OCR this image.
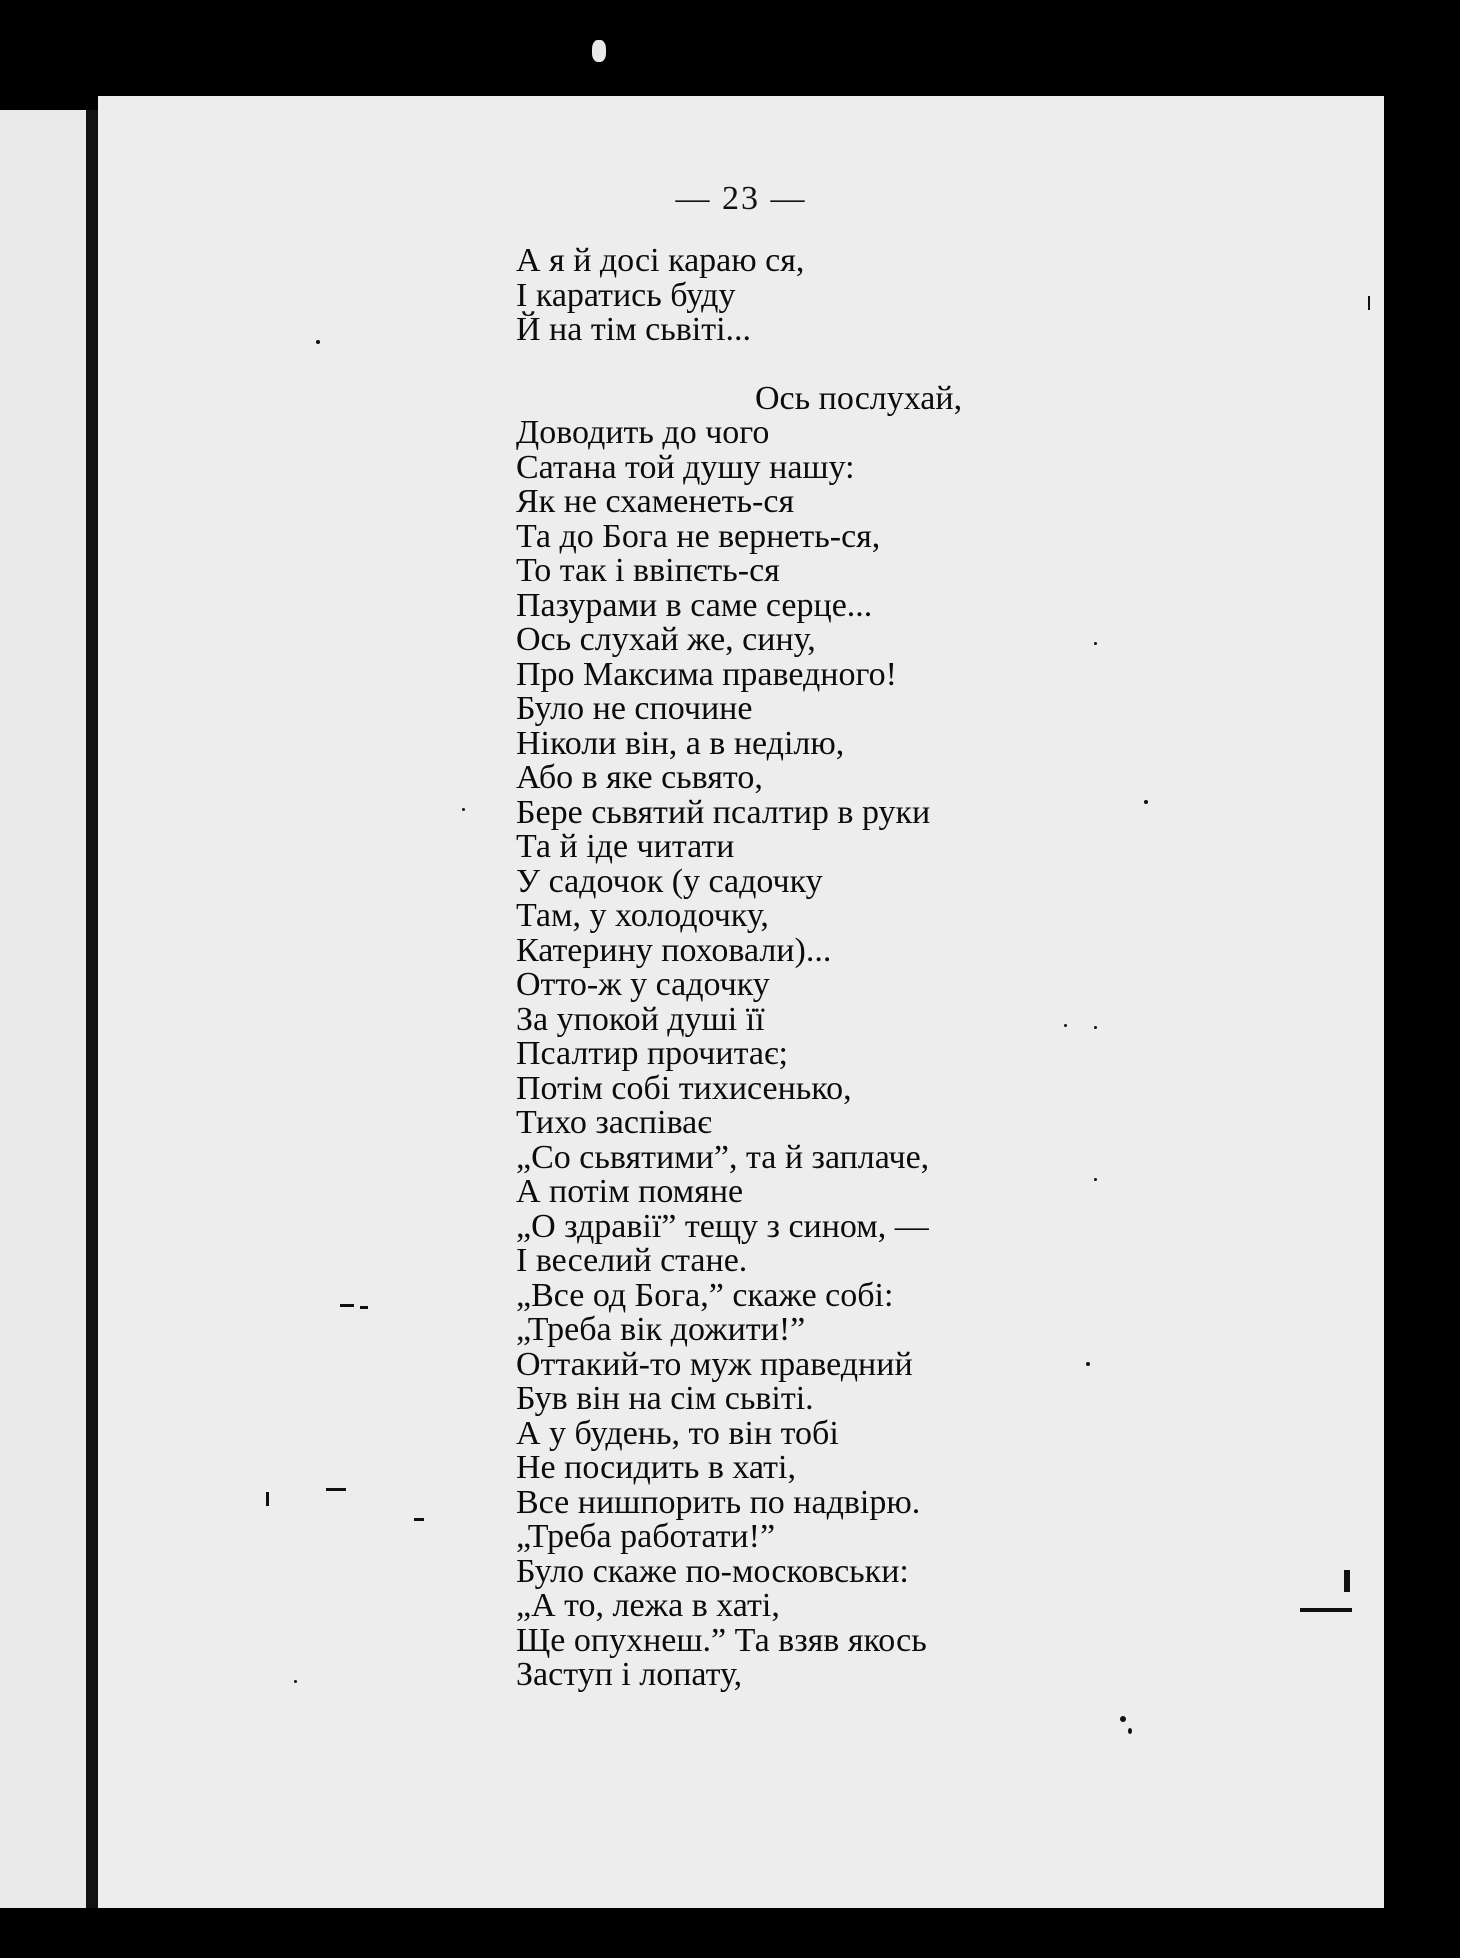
— 23 —
А я й досі караю ся,
І каратись буду
Й на тім сьвіті...
Ось послухай,
Доводить до чого
Сатана той душу нашу:
Як не схаменеть-ся
Та до Бога не вернеть-ся,
То так і ввіпєть-ся
Пазурами в саме серце...
Ось слухай же, сину,
Про Максима праведного!
Було не спочине
Ніколи він, а в неділю,
Або в яке сьвято,
Бере сьвятий псалтир в руки
Та й іде читати
У садочок (у садочку
Там, у холодочку,
Катерину поховали)...
Отто-ж у садочку
За упокой душі її
Псалтир прочитає;
Потім собі тихисенько,
Тихо заспіває
„Со сьвятими”, та й заплаче,
А потім помяне
„О здравії” тещу з сином, —
І веселий стане.
„Все од Бога,” скаже собі:
„Треба вік дожити!”
Оттакий-то муж праведний
Був він на сім сьвіті.
А у будень, то він тобі
Не посидить в хаті,
Все нишпорить по надвірю.
„Треба работати!”
Було скаже по-московськи:
„А то, лежа в хаті,
Ще опухнеш.” Та взяв якось
Заступ і лопату,
